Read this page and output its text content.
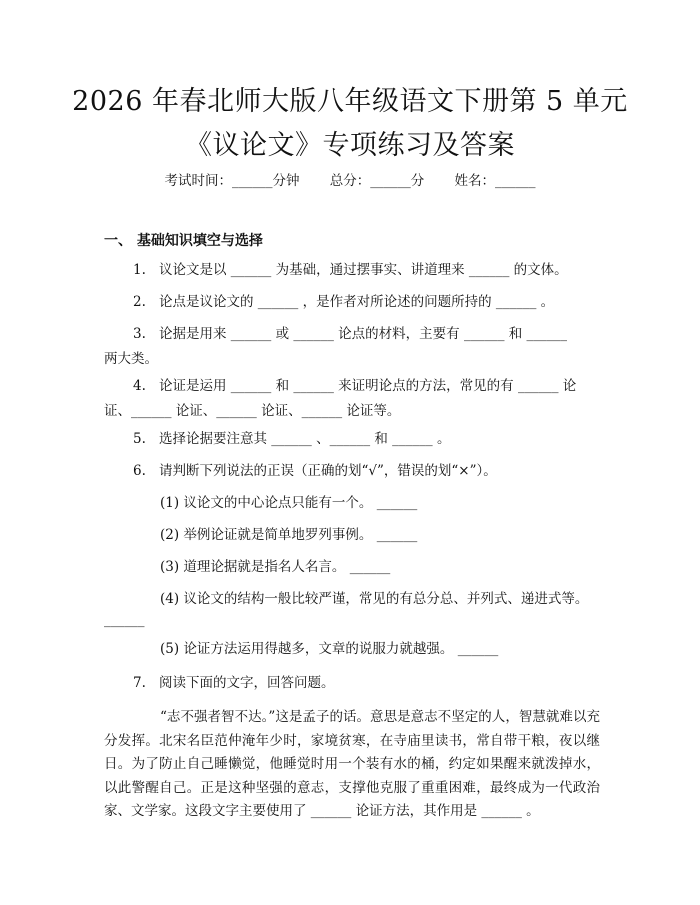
2026 年春北师大版八年级语文下册第 5 单元
《议论文》专项练习及答案
考试时间：______分钟 总分：______分 姓名：______
一、 基础知识填空与选择
1. 议论文是以 ______ 为基础，通过摆事实、讲道理来 ______ 的文体。
2. 论点是议论文的 ______ ，是作者对所论述的问题所持的 ______ 。
3. 论据是用来 ______ 或 ______ 论点的材料，主要有 ______ 和 ______
两大类。
4. 论证是运用 ______ 和 ______ 来证明论点的方法，常见的有 ______ 论
证、______ 论证、______ 论证、______ 论证等。
5. 选择论据要注意其 ______ 、______ 和 ______ 。
6. 请判断下列说法的正误（正确的划“√”，错误的划“×”）。
(1) 议论文的中心论点只能有一个。 ______
(2) 举例论证就是简单地罗列事例。 ______
(3) 道理论据就是指名人名言。 ______
(4) 议论文的结构一般比较严谨，常见的有总分总、并列式、递进式等。
______
(5) 论证方法运用得越多，文章的说服力就越强。 ______
7. 阅读下面的文字，回答问题。
“志不强者智不达。”这是孟子的话。意思是意志不坚定的人，智慧就难以充分发挥。北宋名臣范仲淹年少时，家境贫寒，在寺庙里读书，常自带干粮，夜以继日。为了防止自己睡懒觉，他睡觉时用一个装有水的桶，约定如果醒来就泼掉水，以此警醒自己。正是这种坚强的意志，支撑他克服了重重困难，最终成为一代政治家、文学家。这段文字主要使用了 ______ 论证方法，其作用是 ______ 。
